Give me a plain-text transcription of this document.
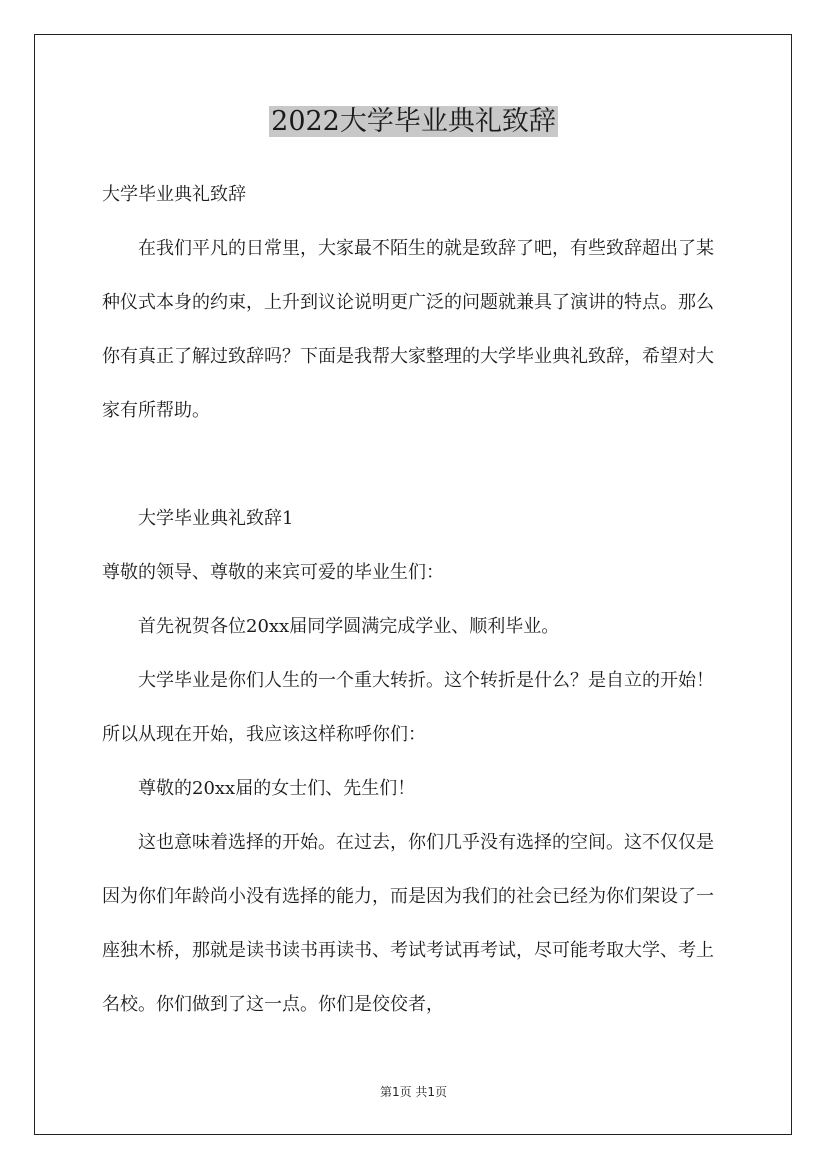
2022大学毕业典礼致辞

大学毕业典礼致辞

在我们平凡的日常里，大家最不陌生的就是致辞了吧，有些致辞超出了某种仪式本身的约束，上升到议论说明更广泛的问题就兼具了演讲的特点。那么你有真正了解过致辞吗？下面是我帮大家整理的大学毕业典礼致辞，希望对大家有所帮助。

大学毕业典礼致辞1

尊敬的领导、尊敬的来宾可爱的毕业生们：

首先祝贺各位20xx届同学圆满完成学业、顺利毕业。

大学毕业是你们人生的一个重大转折。这个转折是什么？是自立的开始！所以从现在开始，我应该这样称呼你们：

尊敬的20xx届的女士们、先生们！

这也意味着选择的开始。在过去，你们几乎没有选择的空间。这不仅仅是因为你们年龄尚小没有选择的能力，而是因为我们的社会已经为你们架设了一座独木桥，那就是读书读书再读书、考试考试再考试，尽可能考取大学、考上名校。你们做到了这一点。你们是佼佼者，

第1页 共1页
